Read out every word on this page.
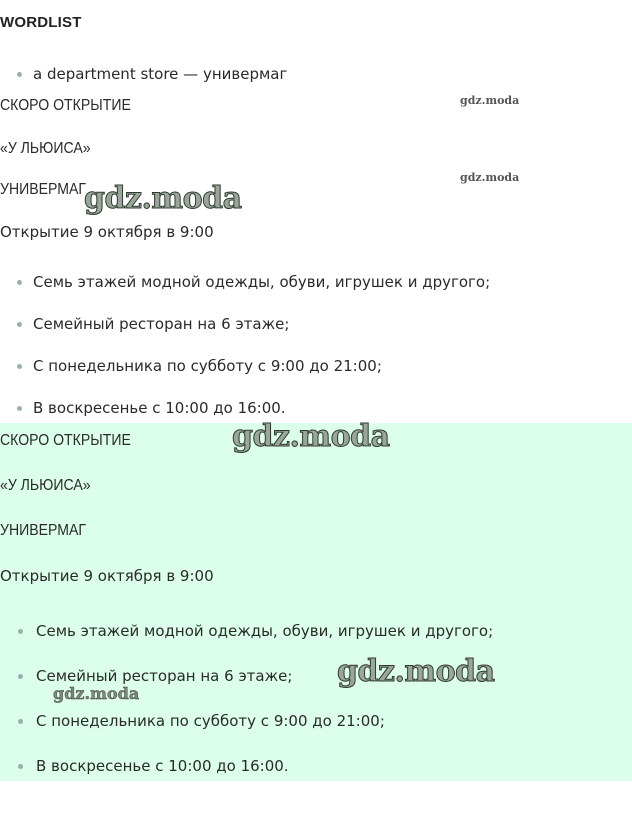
WORDLIST
a department store — универмаг
СКОРО ОТКРЫТИЕ
«У ЛЬЮИСА»
УНИВЕРМАГ
Открытие 9 октября в 9:00
Семь этажей модной одежды, обуви, игрушек и другого;
Семейный ресторан на 6 этаже;
С понедельника по субботу с 9:00 до 21:00;
В воскресенье с 10:00 до 16:00.
СКОРО ОТКРЫТИЕ
«У ЛЬЮИСА»
УНИВЕРМАГ
Открытие 9 октября в 9:00
Семь этажей модной одежды, обуви, игрушек и другого;
Семейный ресторан на 6 этаже;
С понедельника по субботу с 9:00 до 21:00;
В воскресенье с 10:00 до 16:00.
gdz.moda
gdz.moda
gdz.moda
gdz.moda
gdz.moda
gdz.moda
